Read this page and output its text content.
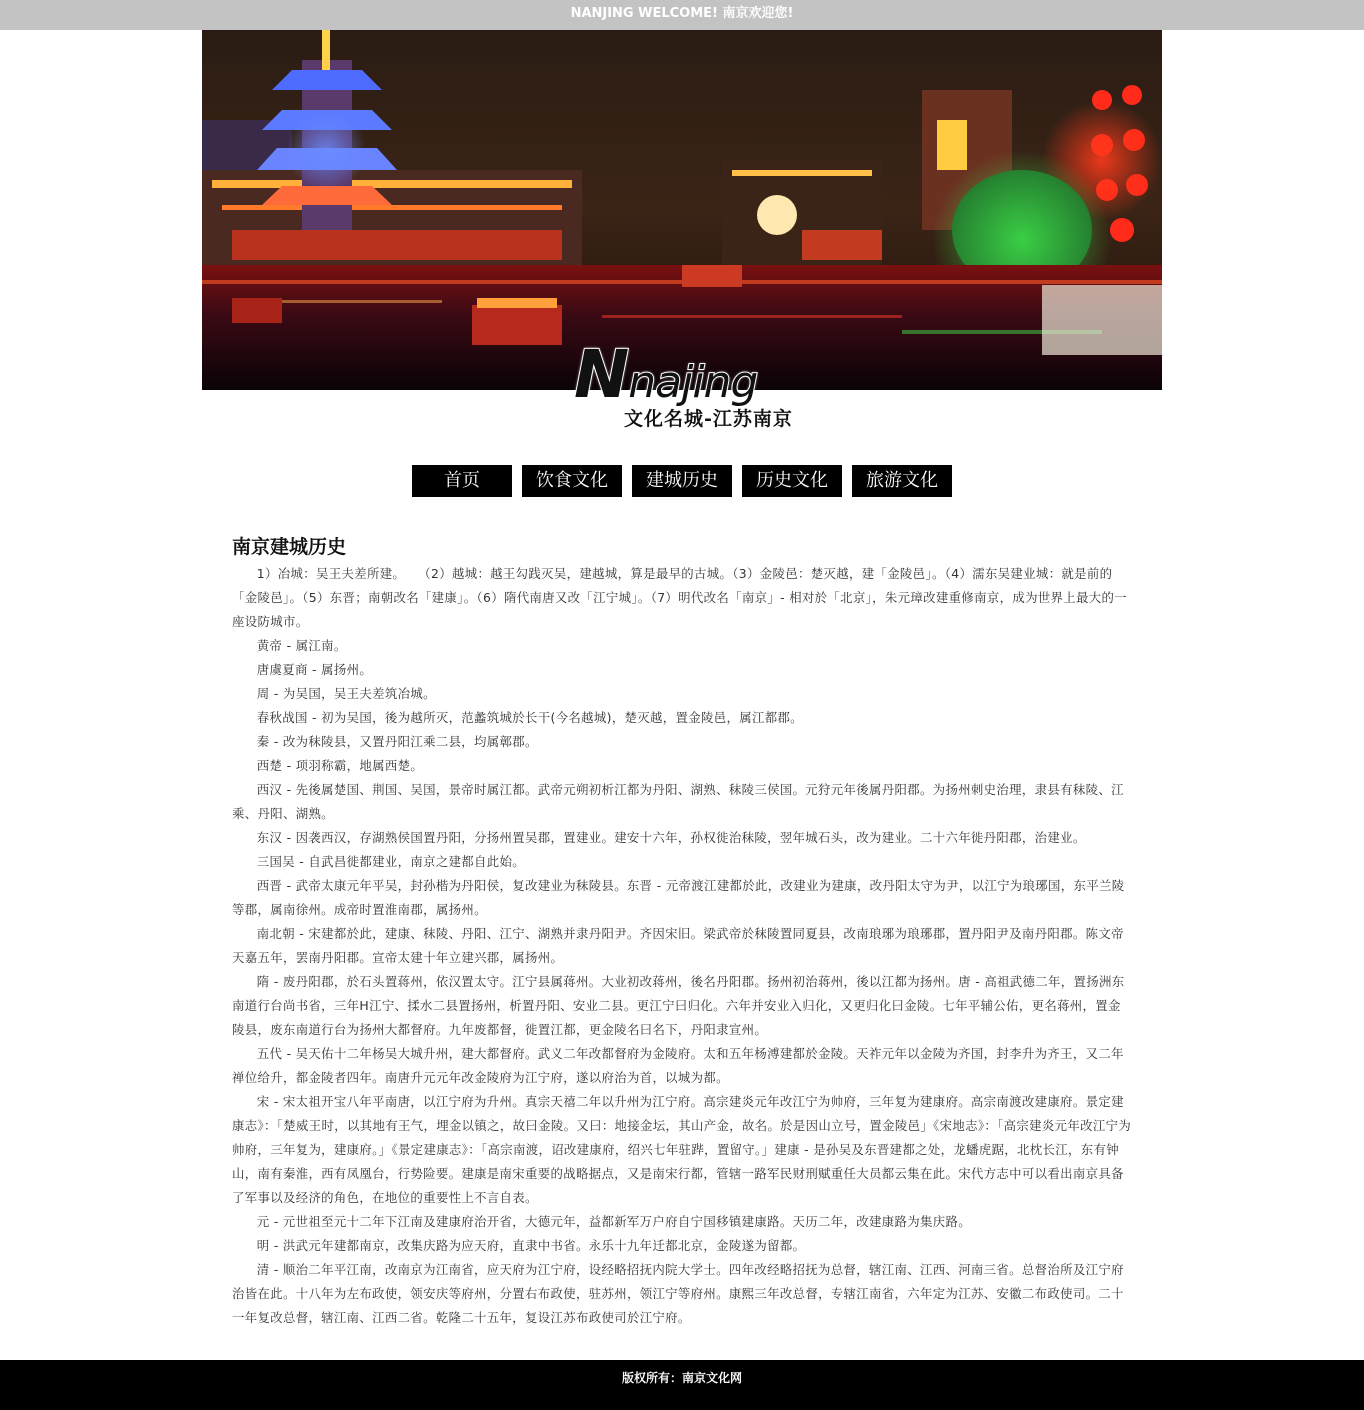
NANJING WELCOME! 南京欢迎您!
Nnajing
文化名城-江苏南京
首页	饮食文化	建城历史	历史文化	旅游文化
南京建城历史

1）冶城：吴王夫差所建。　　（2）越城：越王勾践灭吴，建越城，算是最早的古城。（3）金陵邑：楚灭越，建「金陵邑」。（4）濡东吴建业城：就是前的「金陵邑」。（5）东晋；南朝改名「建康」。（6）隋代南唐又改「江宁城」。（7）明代改名「南京」- 相对於「北京」，朱元璋改建重修南京，成为世界上最大的一座设防城市。

黄帝 - 属江南。

唐虞夏商 - 属扬州。

周 - 为吴国，吴王夫差筑冶城。

春秋战国 - 初为吴国，後为越所灭，范蠡筑城於长干(今名越城)，楚灭越，置金陵邑，属江都郡。

秦 - 改为秣陵县，又置丹阳江乘二县，均属鄣郡。

西楚 - 项羽称霸，地属西楚。

西汉 - 先後属楚国、荆国、吴国，景帝时属江都。武帝元朔初析江都为丹阳、湖熟、秣陵三侯国。元狩元年後属丹阳郡。为扬州刺史治理，隶县有秣陵、江乘、丹阳、湖熟。

东汉 - 因袭西汉，存湖熟侯国置丹阳，分扬州置吴郡，置建业。建安十六年，孙权徙治秣陵，翌年城石头，改为建业。二十六年徙丹阳郡，治建业。

三国吴 - 自武昌徙都建业，南京之建都自此始。

西晋 - 武帝太康元年平吴，封孙楷为丹阳侯，复改建业为秣陵县。东晋 - 元帝渡江建都於此，改建业为建康，改丹阳太守为尹，以江宁为琅琊国，东平兰陵等郡，属南徐州。成帝时置淮南郡，属扬州。

南北朝 - 宋建都於此，建康、秣陵、丹阳、江宁、湖熟并隶丹阳尹。齐因宋旧。梁武帝於秣陵置同夏县，改南琅琊为琅琊郡，置丹阳尹及南丹阳郡。陈文帝天嘉五年，罢南丹阳郡。宣帝太建十年立建兴郡，属扬州。

隋 - 废丹阳郡，於石头置蒋州，依汉置太守。江宁县属蒋州。大业初改蒋州，後名丹阳郡。扬州初治蒋州，後以江都为扬州。唐 - 高祖武德二年，置扬洲东南道行台尚书省，三年H江宁、揉水二县置扬州，析置丹阳、安业二县。更江宁曰归化。六年并安业入归化，又更归化曰金陵。七年平辅公佑，更名蒋州，置金陵县，废东南道行台为扬州大都督府。九年废都督，徙置江都，更金陵名曰名下，丹阳隶宣州。

五代 - 吴天佑十二年杨吴大城升州，建大都督府。武义二年改都督府为金陵府。太和五年杨溥建都於金陵。天祚元年以金陵为齐国，封李升为齐王，又二年禅位给升，都金陵者四年。南唐升元元年改金陵府为江宁府，遂以府治为首，以城为都。

宋 - 宋太祖开宝八年平南唐，以江宁府为升州。真宗天禧二年以升州为江宁府。高宗建炎元年改江宁为帅府，三年复为建康府。高宗南渡改建康府。景定建康志》：「楚威王时，以其地有王气，埋金以镇之，故曰金陵。又曰：地接金坛，其山产金，故名。於是因山立号，置金陵邑」《宋地志》：「高宗建炎元年改江宁为帅府，三年复为，建康府。」《景定建康志》：「高宗南渡，诏改建康府，绍兴七年驻跸，置留守。」建康 - 是孙吴及东晋建都之处，龙蟠虎踞，北枕长江，东有钟山，南有秦淮，西有凤凰台，行势险要。建康是南宋重要的战略据点，又是南宋行都，管辖一路军民财刑赋重任大员都云集在此。宋代方志中可以看出南京具备了军事以及经济的角色，在地位的重要性上不言自表。

元 - 元世祖至元十二年下江南及建康府治开省，大德元年，益都新军万户府自宁国移镇建康路。天历二年，改建康路为集庆路。

明 - 洪武元年建都南京，改集庆路为应天府，直隶中书省。永乐十九年迁都北京，金陵遂为留都。

清 - 顺治二年平江南，改南京为江南省，应天府为江宁府，设经略招抚内院大学士。四年改经略招抚为总督，辖江南、江西、河南三省。总督治所及江宁府治皆在此。十八年为左布政使，领安庆等府州，分置右布政使，驻苏州，领江宁等府州。康熙三年改总督，专辖江南省，六年定为江苏、安徽二布政使司。二十一年复改总督，辖江南、江西二省。乾隆二十五年，复设江苏布政使司於江宁府。

版权所有：南京文化网
